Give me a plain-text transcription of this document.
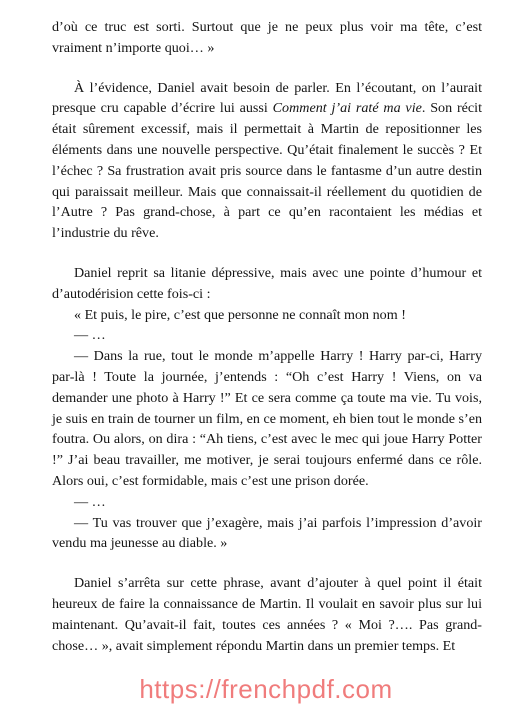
d’où ce truc est sorti. Surtout que je ne peux plus voir ma tête, c’est vraiment n’importe quoi… »

À l’évidence, Daniel avait besoin de parler. En l’écoutant, on l’aurait presque cru capable d’écrire lui aussi Comment j’ai raté ma vie. Son récit était sûrement excessif, mais il permettait à Martin de repositionner les éléments dans une nouvelle perspective. Qu’était finalement le succès ? Et l’échec ? Sa frustration avait pris source dans le fantasme d’un autre destin qui paraissait meilleur. Mais que connaissait-il réellement du quotidien de l’Autre ? Pas grand-chose, à part ce qu’en racontaient les médias et l’industrie du rêve.

Daniel reprit sa litanie dépressive, mais avec une pointe d’humour et d’autodérision cette fois-ci :

« Et puis, le pire, c’est que personne ne connaît mon nom !

— …

— Dans la rue, tout le monde m’appelle Harry ! Harry par-ci, Harry par-là ! Toute la journée, j’entends : “Oh c’est Harry ! Viens, on va demander une photo à Harry !” Et ce sera comme ça toute ma vie. Tu vois, je suis en train de tourner un film, en ce moment, eh bien tout le monde s’en foutra. Ou alors, on dira : “Ah tiens, c’est avec le mec qui joue Harry Potter !” J’ai beau travailler, me motiver, je serai toujours enfermé dans ce rôle. Alors oui, c’est formidable, mais c’est une prison dorée.

— …

— Tu vas trouver que j’exagère, mais j’ai parfois l’impression d’avoir vendu ma jeunesse au diable. »

Daniel s’arrêta sur cette phrase, avant d’ajouter à quel point il était heureux de faire la connaissance de Martin. Il voulait en savoir plus sur lui maintenant. Qu’avait-il fait, toutes ces années ? « Moi ?…. Pas grand-chose… », avait simplement répondu Martin dans un premier temps. Et

https://frenchpdf.com
